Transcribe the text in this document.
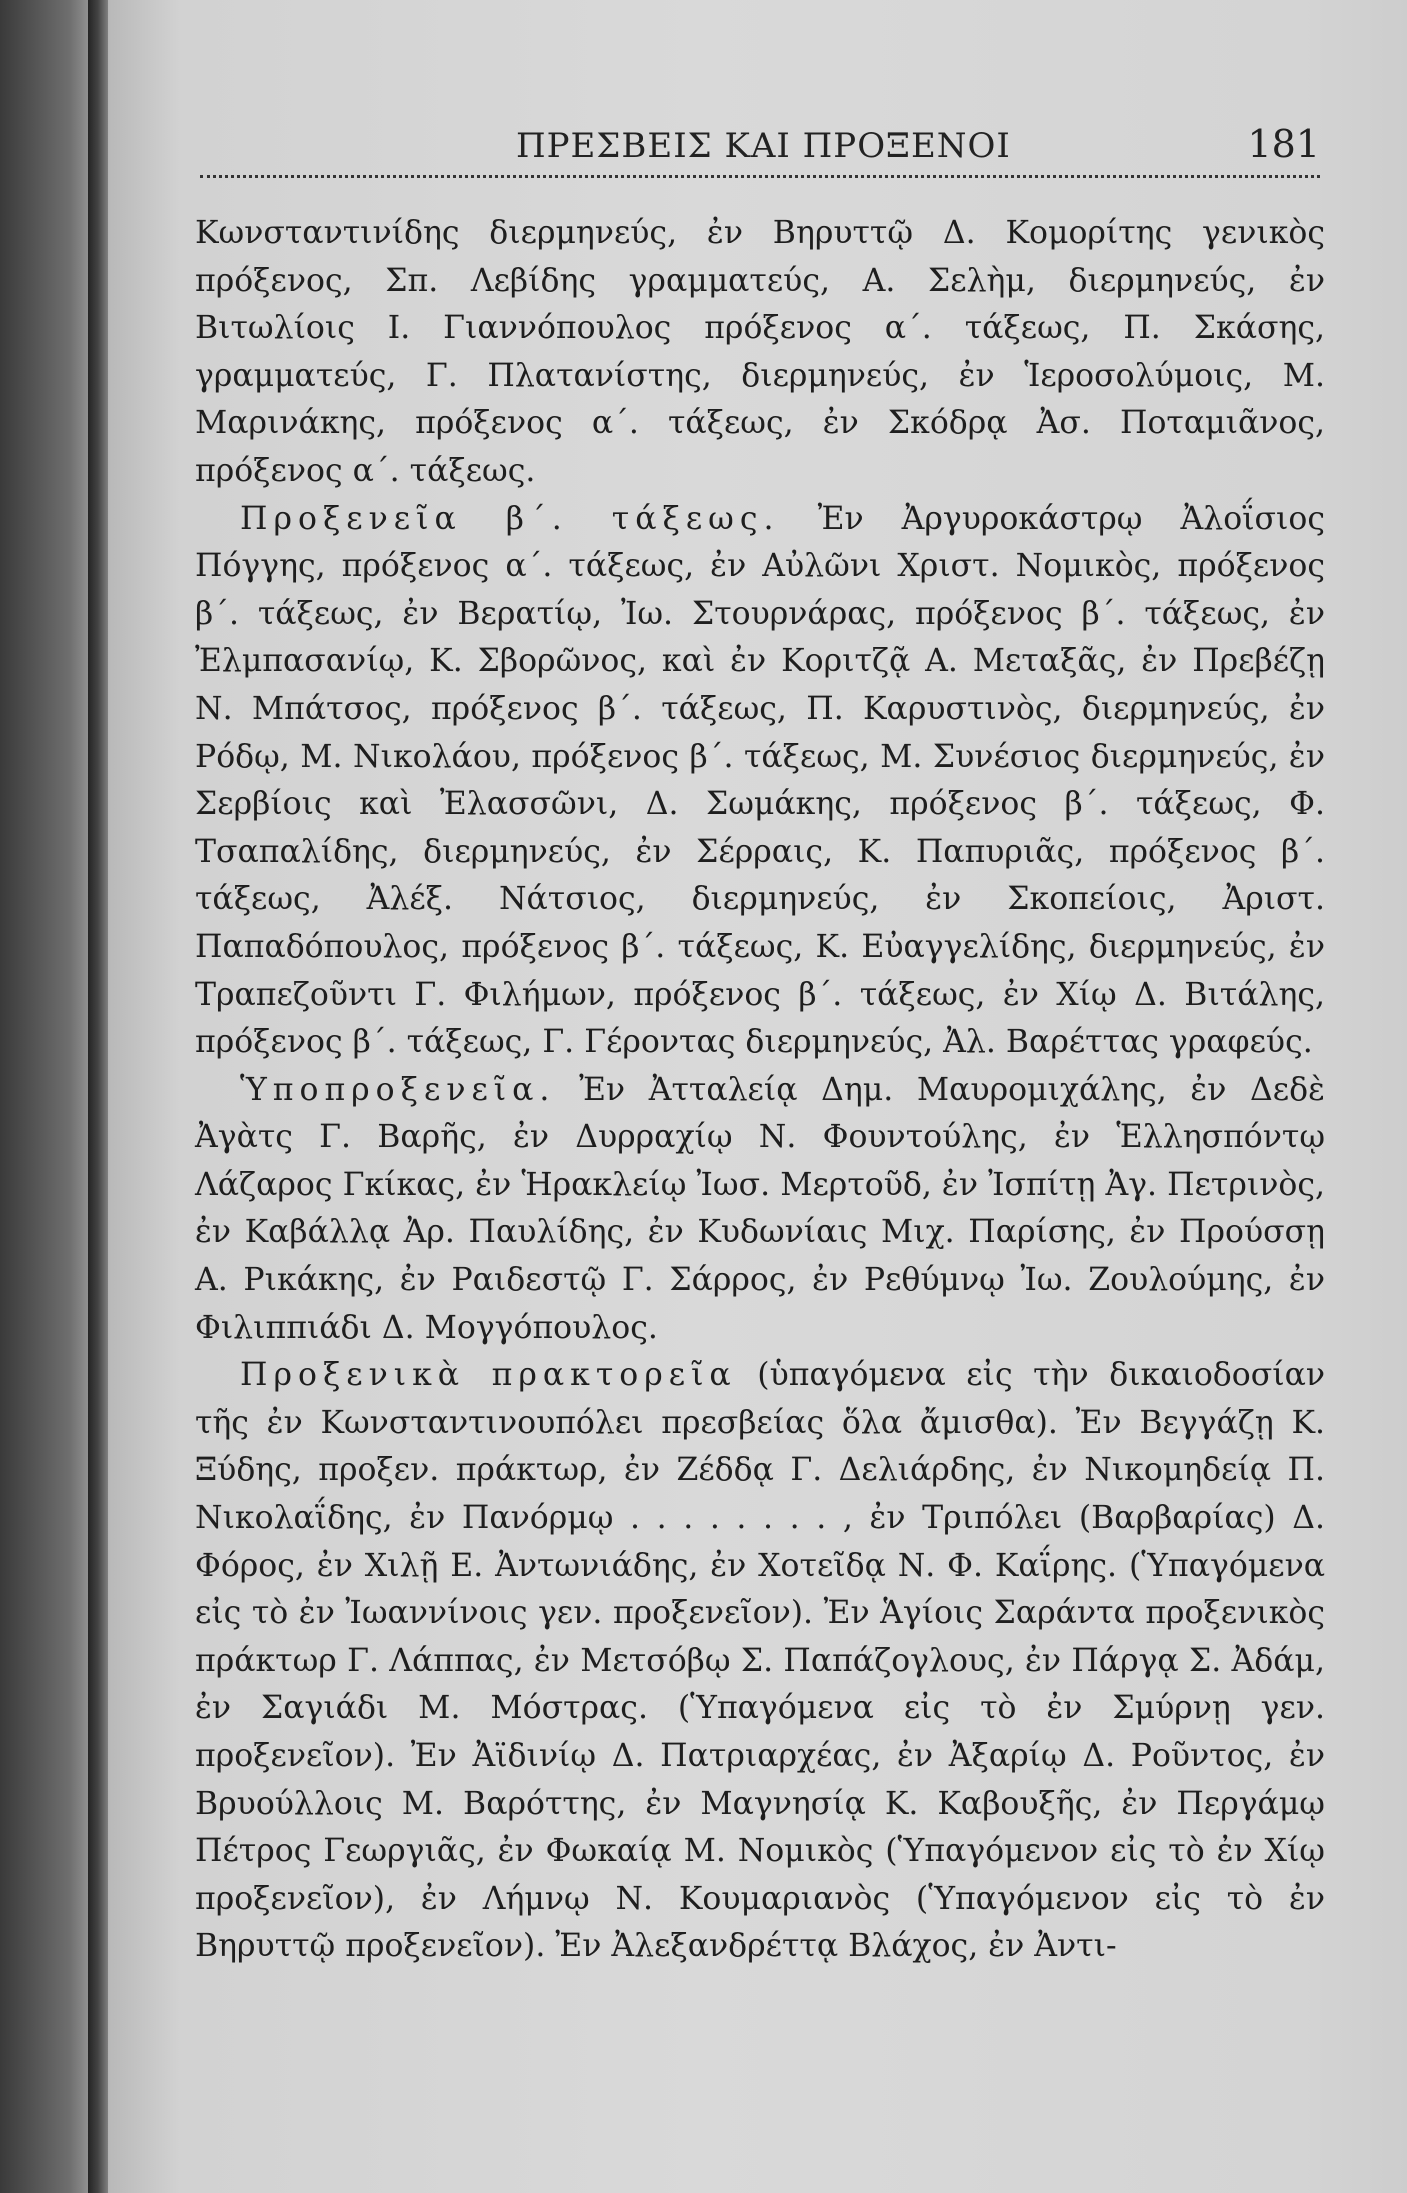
ΠΡΕΣΒΕΙΣ ΚΑΙ ΠΡΟΞΕΝΟΙ	181

Κωνσταντινίδης διερμηνεύς, ἐν Βηρυττῷ Δ. Κομορίτης γενικὸς πρόξενος, Σπ. Λεβίδης γραμματεύς, Α. Σελὴμ, διερμηνεύς, ἐν Βιτωλίοις Ι. Γιαννόπουλος πρόξενος α΄. τάξεως, Π. Σκάσης, γραμματεύς, Γ. Πλατανίστης, διερμηνεύς, ἐν Ἱεροσολύμοις, Μ. Μαρινάκης, πρόξενος α΄. τάξεως, ἐν Σκόδρᾳ Ἀσ. Ποταμιᾶνος, πρόξενος α΄. τάξεως.

Προξενεῖα β΄. τάξεως. Ἐν Ἀργυροκάστρῳ Ἀλοΐσιος Πόγγης, πρόξενος α΄. τάξεως, ἐν Αὐλῶνι Χριστ. Νομικὸς, πρόξενος β΄. τάξεως, ἐν Βερατίῳ, Ἰω. Στουρνάρας, πρόξενος β΄. τάξεως, ἐν Ἐλμπασανίῳ, Κ. Σβορῶνος, καὶ ἐν Κοριτζᾷ Α. Μεταξᾶς, ἐν Πρεβέζῃ Ν. Μπάτσος, πρόξενος β΄. τάξεως, Π. Καρυστινὸς, διερμηνεύς, ἐν Ρόδῳ, Μ. Νικολάου, πρόξενος β΄. τάξεως, Μ. Συνέσιος διερμηνεύς, ἐν Σερβίοις καὶ Ἐλασσῶνι, Δ. Σωμάκης, πρόξενος β΄. τάξεως, Φ. Τσαπαλίδης, διερμηνεύς, ἐν Σέρραις, Κ. Παπυριᾶς, πρόξενος β΄. τάξεως, Ἀλέξ. Νάτσιος, διερμηνεύς, ἐν Σκοπείοις, Ἀριστ. Παπαδόπουλος, πρόξενος β΄. τάξεως, Κ. Εὐαγγελίδης, διερμηνεύς, ἐν Τραπεζοῦντι Γ. Φιλήμων, πρόξενος β΄. τάξεως, ἐν Χίῳ Δ. Βιτάλης, πρόξενος β΄. τάξεως, Γ. Γέροντας διερμηνεύς, Ἀλ. Βαρέττας γραφεύς.

Ὑποπροξενεῖα. Ἐν Ἀτταλείᾳ Δημ. Μαυρομιχάλης, ἐν Δεδὲ Ἀγὰτς Γ. Βαρῆς, ἐν Δυρραχίῳ Ν. Φουντούλης, ἐν Ἑλλησπόντῳ Λάζαρος Γκίκας, ἐν Ἡρακλείῳ Ἰωσ. Μερτοῦδ, ἐν Ἰσπίτῃ Ἀγ. Πετρινὸς, ἐν Καβάλλᾳ Ἀρ. Παυλίδης, ἐν Κυδωνίαις Μιχ. Παρίσης, ἐν Προύσσῃ Α. Ρικάκης, ἐν Ραιδεστῷ Γ. Σάρρος, ἐν Ρεθύμνῳ Ἰω. Ζουλούμης, ἐν Φιλιππιάδι Δ. Μογγόπουλος.

Προξενικὰ πρακτορεῖα (ὑπαγόμενα εἰς τὴν δικαιοδοσίαν τῆς ἐν Κωνσταντινουπόλει πρεσβείας ὅλα ἄμισθα). Ἐν Βεγγάζῃ Κ. Ξύδης, προξεν. πράκτωρ, ἐν Ζέδδᾳ Γ. Δελιάρδης, ἐν Νικομηδείᾳ Π. Νικολαΐδης, ἐν Πανόρμῳ . . . . . . . . , ἐν Τριπόλει (Βαρβαρίας) Δ. Φόρος, ἐν Χιλῇ Ε. Ἀντωνιάδης, ἐν Χοτεῖδᾳ Ν. Φ. Καΐρης. (Ὑπαγόμενα εἰς τὸ ἐν Ἰωαννίνοις γεν. προξενεῖον). Ἐν Ἁγίοις Σαράντα προξενικὸς πράκτωρ Γ. Λάππας, ἐν Μετσόβῳ Σ. Παπάζογλους, ἐν Πάργᾳ Σ. Ἀδάμ, ἐν Σαγιάδι Μ. Μόστρας. (Ὑπαγόμενα εἰς τὸ ἐν Σμύρνῃ γεν. προξενεῖον). Ἐν Ἀϊδινίῳ Δ. Πατριαρχέας, ἐν Ἀξαρίῳ Δ. Ροῦντος, ἐν Βρυούλλοις Μ. Βαρόττης, ἐν Μαγνησίᾳ Κ. Καβουξῆς, ἐν Περγάμῳ Πέτρος Γεωργιᾶς, ἐν Φωκαίᾳ Μ. Νομικὸς (Ὑπαγόμενον εἰς τὸ ἐν Χίῳ προξενεῖον), ἐν Λήμνῳ Ν. Κουμαριανὸς (Ὑπαγόμενον εἰς τὸ ἐν Βηρυττῷ προξενεῖον). Ἐν Ἀλεξανδρέττᾳ Βλάχος, ἐν Ἀντι-
